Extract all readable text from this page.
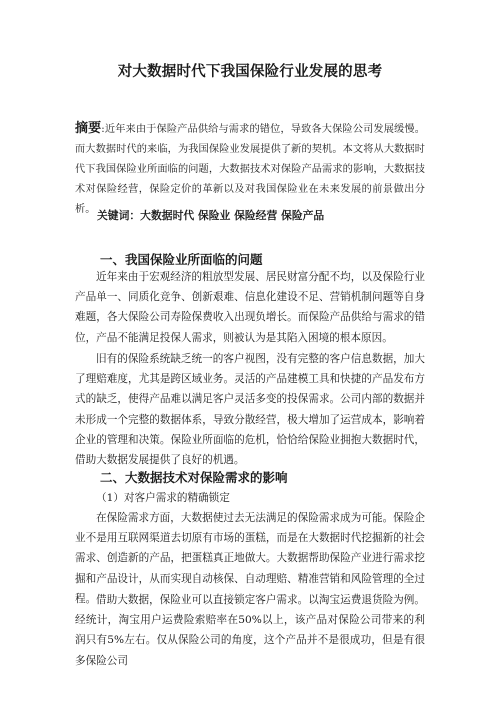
对大数据时代下我国保险行业发展的思考
摘要:近年来由于保险产品供给与需求的错位，导致各大保险公司发展缓慢。而大数据时代的来临，为我国保险业发展提供了新的契机。本文将从大数据时代下我国保险业所面临的问题，大数据技术对保险产品需求的影响，大数据技术对保险经营，保险定价的革新以及对我国保险业在未来发展的前景做出分析。 关键词：大数据时代 保险业 保险经营 保险产品
一、我国保险业所面临的问题

近年来由于宏观经济的粗放型发展、居民财富分配不均，以及保险行业产品单一、同质化竞争、创新艰难、信息化建设不足、营销机制问题等自身难题，各大保险公司寿险保费收入出现负增长。而保险产品供给与需求的错位，产品不能满足投保人需求，则被认为是其陷入困境的根本原因。

旧有的保险系统缺乏统一的客户视图，没有完整的客户信息数据，加大了理赔难度，尤其是跨区域业务。灵活的产品建模工具和快捷的产品发布方式的缺乏，使得产品难以满足客户灵活多变的投保需求。公司内部的数据并未形成一个完整的数据体系，导致分散经营，极大增加了运营成本，影响着企业的管理和决策。保险业所面临的危机，恰恰给保险业拥抱大数据时代，借助大数据发展提供了良好的机遇。

二、大数据技术对保险需求的影响
（1）对客户需求的精确锁定

在保险需求方面，大数据使过去无法满足的保险需求成为可能。保险企业不是用互联网渠道去切原有市场的蛋糕，而是在大数据时代挖掘新的社会需求、创造新的产品，把蛋糕真正地做大。大数据帮助保险产业进行需求挖掘和产品设计，从而实现自动核保、自动理赔、精准营销和风险管理的全过程。 借助大数据，保险业可以直接锁定客户需求。以淘宝运费退货险为例。经统计，淘宝用户运费险索赔率在50%以上，该产品对保险公司带来的利润只有5%左右。仅从保险公司的角度，这个产品并不是很成功，但是有很多保险公司
